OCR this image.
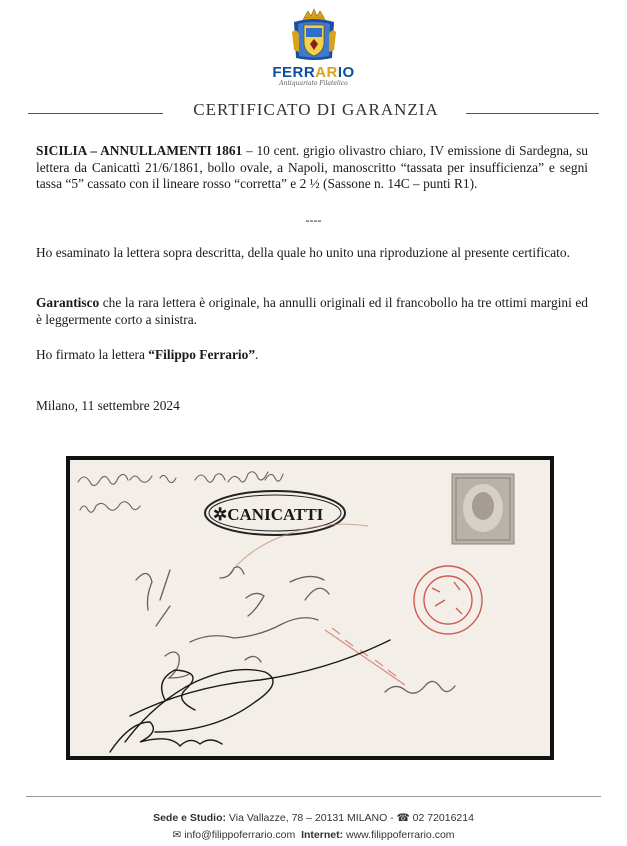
FERRARIO
Antiquariato Filatelico
CERTIFICATO DI GARANZIA
SICILIA – ANNULLAMENTI 1861 – 10 cent. grigio olivastro chiaro, IV emissione di Sardegna, su lettera da Canicattì 21/6/1861, bollo ovale, a Napoli, manoscritto “tassata per insufficienza” e segni tassa “5” cassato con il lineare rosso “corretta” e 2 ½ (Sassone n. 14C – punti R1).
----
Ho esaminato la lettera sopra descritta, della quale ho unito una riproduzione al presente certificato.
Garantisco che la rara lettera è originale, ha annulli originali ed il francobollo ha tre ottimi margini ed è leggermente corto a sinistra.
Ho firmato la lettera “Filippo Ferrario”.
Milano, 11 settembre 2024
✲CANICATTI
Sede e Studio: Via Vallazze, 78 – 20131 MILANO - ☎ 02 72016214
✉ info@filippoferrario.com Internet: www.filippoferrario.com
